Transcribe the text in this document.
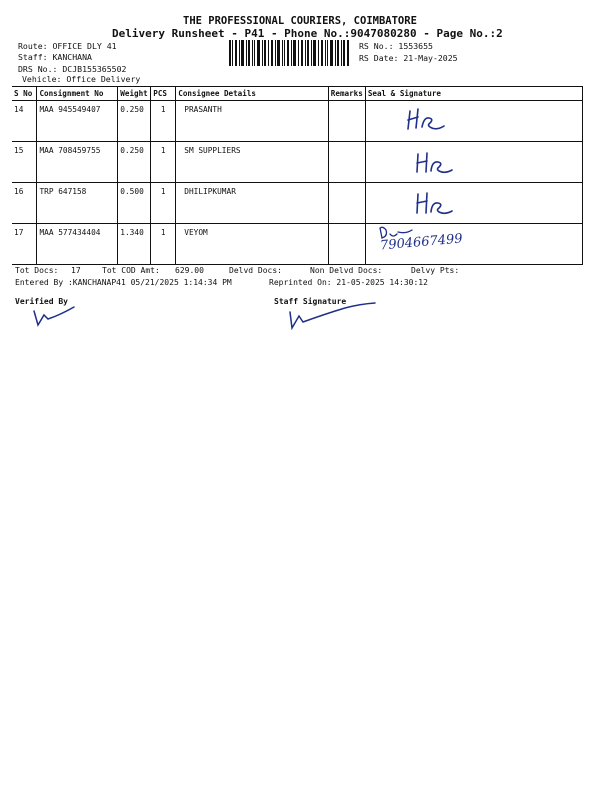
THE PROFESSIONAL COURIERS, COIMBATORE
Delivery Runsheet - P41 - Phone No.:9047080280 - Page No.:2
Route: OFFICE DLY 41
Staff: KANCHANA
DRS No.: DCJB155365502
Vehicle: Office Delivery
RS No.: 1553655
RS Date: 21-May-2025
S No	Consignment No	Weight	PCS	Consignee Details	Remarks	Seal & Signature
14	MAA 945549407	0.250	1	PRASANTH		

15	MAA 708459755	0.250	1	SM SUPPLIERS		

16	TRP 647158	0.500	1	DHILIPKUMAR		

17	MAA 577434404	1.340	1	VEYOM		7904667499
Tot Docs: 17	Tot COD Amt: 629.00	Delvd Docs:	Non Delvd Docs:	Delvy Pts:
Entered By :KANCHANAP41 05/21/2025 1:14:34 PM	Reprinted On: 21-05-2025 14:30:12
Verified By	Staff Signature
